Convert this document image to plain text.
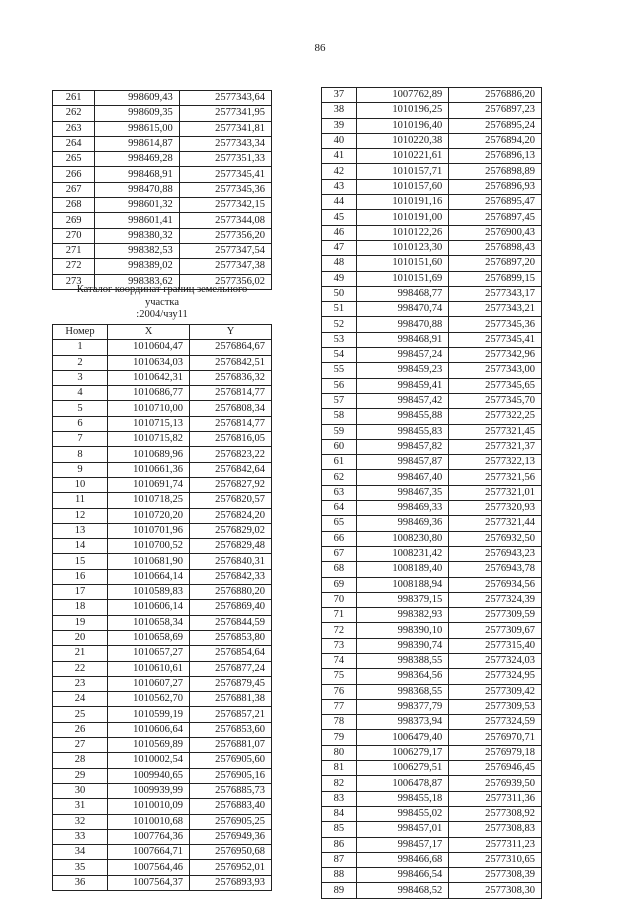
86
261	998609,43	2577343,64
262	998609,35	2577341,95
263	998615,00	2577341,81
264	998614,87	2577343,34
265	998469,28	2577351,33
266	998468,91	2577345,41
267	998470,88	2577345,36
268	998601,32	2577342,15
269	998601,41	2577344,08
270	998380,32	2577356,20
271	998382,53	2577347,54
272	998389,02	2577347,38
273	998383,62	2577356,02
Каталог координат границ земельного
участка
:2004/чзу11
Номер	X	Y
1	1010604,47	2576864,67
2	1010634,03	2576842,51
3	1010642,31	2576836,32
4	1010686,77	2576814,77
5	1010710,00	2576808,34
6	1010715,13	2576814,77
7	1010715,82	2576816,05
8	1010689,96	2576823,22
9	1010661,36	2576842,64
10	1010691,74	2576827,92
11	1010718,25	2576820,57
12	1010720,20	2576824,20
13	1010701,96	2576829,02
14	1010700,52	2576829,48
15	1010681,90	2576840,31
16	1010664,14	2576842,33
17	1010589,83	2576880,20
18	1010606,14	2576869,40
19	1010658,34	2576844,59
20	1010658,69	2576853,80
21	1010657,27	2576854,64
22	1010610,61	2576877,24
23	1010607,27	2576879,45
24	1010562,70	2576881,38
25	1010599,19	2576857,21
26	1010606,64	2576853,60
27	1010569,89	2576881,07
28	1010002,54	2576905,60
29	1009940,65	2576905,16
30	1009939,99	2576885,73
31	1010010,09	2576883,40
32	1010010,68	2576905,25
33	1007764,36	2576949,36
34	1007664,71	2576950,68
35	1007564,46	2576952,01
36	1007564,37	2576893,93
37	1007762,89	2576886,20
38	1010196,25	2576897,23
39	1010196,40	2576895,24
40	1010220,38	2576894,20
41	1010221,61	2576896,13
42	1010157,71	2576898,89
43	1010157,60	2576896,93
44	1010191,16	2576895,47
45	1010191,00	2576897,45
46	1010122,26	2576900,43
47	1010123,30	2576898,43
48	1010151,60	2576897,20
49	1010151,69	2576899,15
50	998468,77	2577343,17
51	998470,74	2577343,21
52	998470,88	2577345,36
53	998468,91	2577345,41
54	998457,24	2577342,96
55	998459,23	2577343,00
56	998459,41	2577345,65
57	998457,42	2577345,70
58	998455,88	2577322,25
59	998455,83	2577321,45
60	998457,82	2577321,37
61	998457,87	2577322,13
62	998467,40	2577321,56
63	998467,35	2577321,01
64	998469,33	2577320,93
65	998469,36	2577321,44
66	1008230,80	2576932,50
67	1008231,42	2576943,23
68	1008189,40	2576943,78
69	1008188,94	2576934,56
70	998379,15	2577324,39
71	998382,93	2577309,59
72	998390,10	2577309,67
73	998390,74	2577315,40
74	998388,55	2577324,03
75	998364,56	2577324,95
76	998368,55	2577309,42
77	998377,79	2577309,53
78	998373,94	2577324,59
79	1006479,40	2576970,71
80	1006279,17	2576979,18
81	1006279,51	2576946,45
82	1006478,87	2576939,50
83	998455,18	2577311,36
84	998455,02	2577308,92
85	998457,01	2577308,83
86	998457,17	2577311,23
87	998466,68	2577310,65
88	998466,54	2577308,39
89	998468,52	2577308,30
